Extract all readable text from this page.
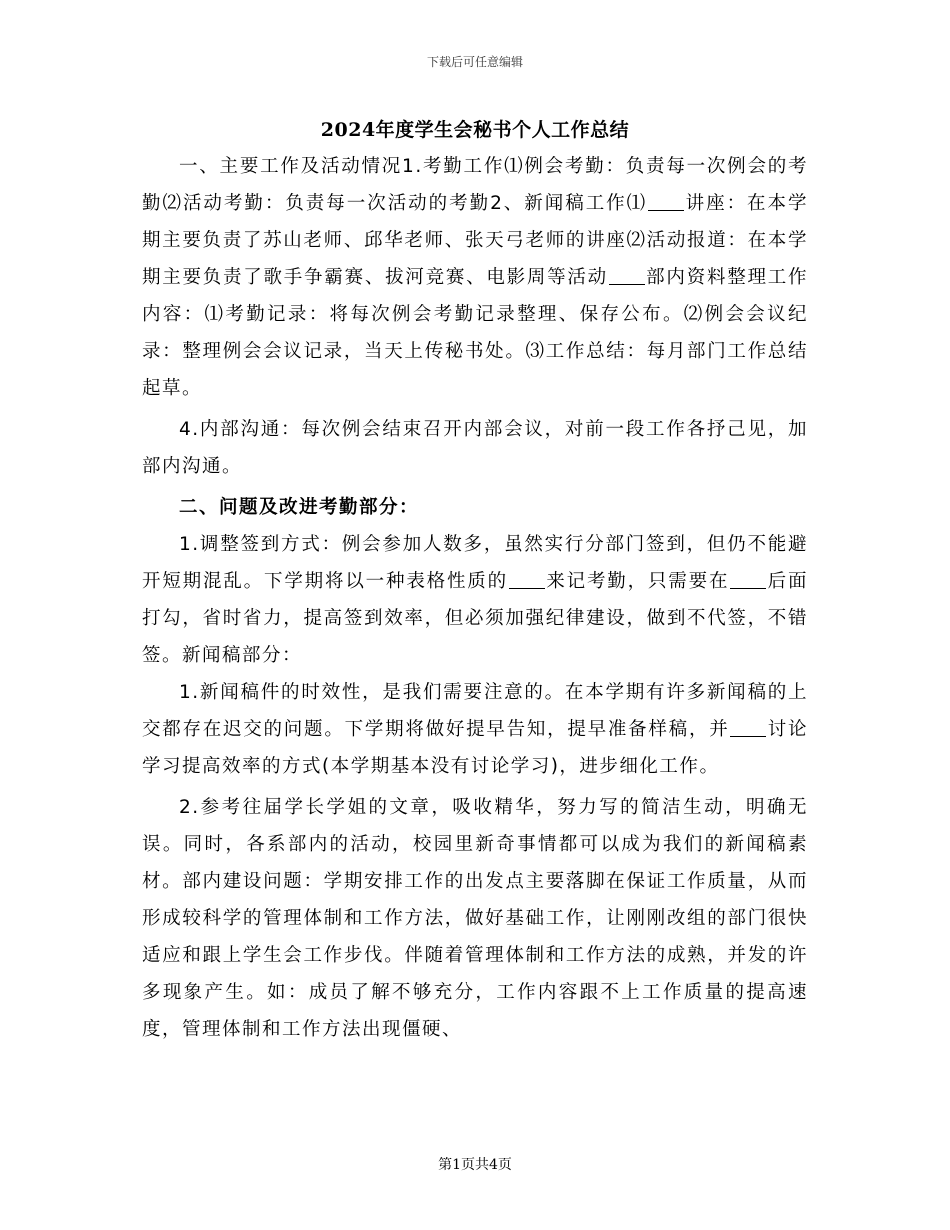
下载后可任意编辑
2024年度学生会秘书个人工作总结

一、主要工作及活动情况1.考勤工作⑴例会考勤：负责每一次例会的考勤⑵活动考勤：负责每一次活动的考勤2、新闻稿工作⑴ 讲座：在本学期主要负责了苏山老师、邱华老师、张天弓老师的讲座⑵活动报道：在本学期主要负责了歌手争霸赛、拔河竞赛、电影周等活动 部内资料整理工作内容：⑴考勤记录：将每次例会考勤记录整理、保存公布。⑵例会会议纪录：整理例会会议记录，当天上传秘书处。⑶工作总结：每月部门工作总结起草。

4.内部沟通：每次例会结束召开内部会议，对前一段工作各抒己见，加部内沟通。

二、问题及改进考勤部分：

1.调整签到方式：例会参加人数多，虽然实行分部门签到，但仍不能避开短期混乱。下学期将以一种表格性质的 来记考勤，只需要在 后面打勾，省时省力，提高签到效率，但必须加强纪律建设，做到不代签，不错签。新闻稿部分：

1.新闻稿件的时效性，是我们需要注意的。在本学期有许多新闻稿的上交都存在迟交的问题。下学期将做好提早告知，提早准备样稿，并 讨论学习提高效率的方式(本学期基本没有讨论学习)，进步细化工作。

2.参考往届学长学姐的文章，吸收精华，努力写的简洁生动，明确无误。同时，各系部内的活动，校园里新奇事情都可以成为我们的新闻稿素材。部内建设问题：学期安排工作的出发点主要落脚在保证工作质量，从而形成较科学的管理体制和工作方法，做好基础工作，让刚刚改组的部门很快适应和跟上学生会工作步伐。伴随着管理体制和工作方法的成熟，并发的许多现象产生。如：成员了解不够充分，工作内容跟不上工作质量的提高速度，管理体制和工作方法出现僵硬、

第1页共4页
